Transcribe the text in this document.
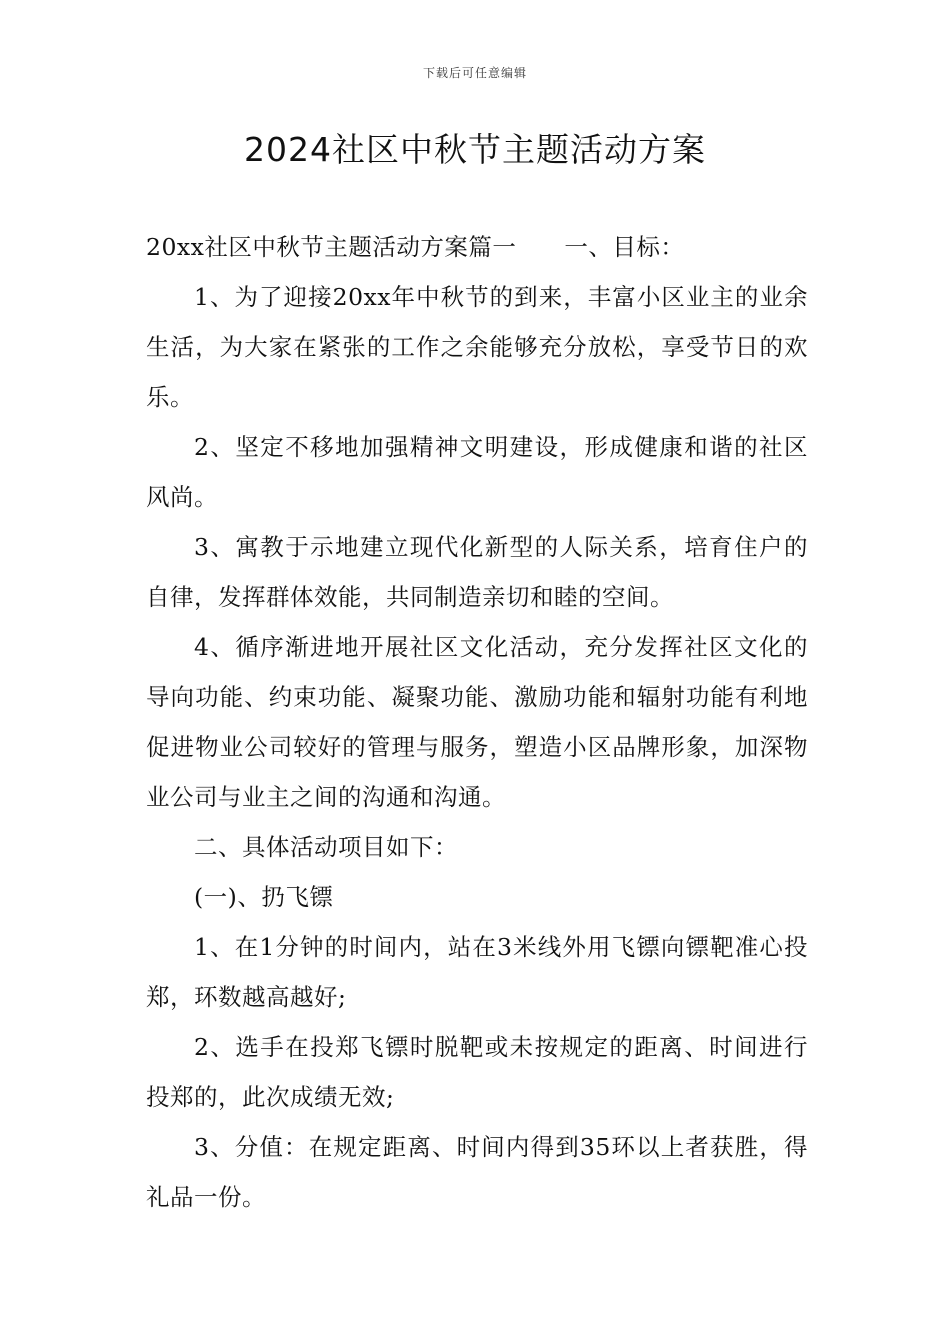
下载后可任意编辑
2024社区中秋节主题活动方案

20xx社区中秋节主题活动方案篇一 一、目标：

1、为了迎接20xx年中秋节的到来，丰富小区业主的业余生活，为大家在紧张的工作之余能够充分放松，享受节日的欢乐。

2、坚定不移地加强精神文明建设，形成健康和谐的社区风尚。

3、寓教于示地建立现代化新型的人际关系，培育住户的自律，发挥群体效能，共同制造亲切和睦的空间。

4、循序渐进地开展社区文化活动，充分发挥社区文化的导向功能、约束功能、凝聚功能、激励功能和辐射功能有利地促进物业公司较好的管理与服务，塑造小区品牌形象，加深物业公司与业主之间的沟通和沟通。

二、具体活动项目如下：

(一)、扔飞镖

1、在1分钟的时间内，站在3米线外用飞镖向镖靶准心投郑，环数越高越好;

2、选手在投郑飞镖时脱靶或未按规定的距离、时间进行投郑的，此次成绩无效;

3、分值：在规定距离、时间内得到35环以上者获胜，得礼品一份。
